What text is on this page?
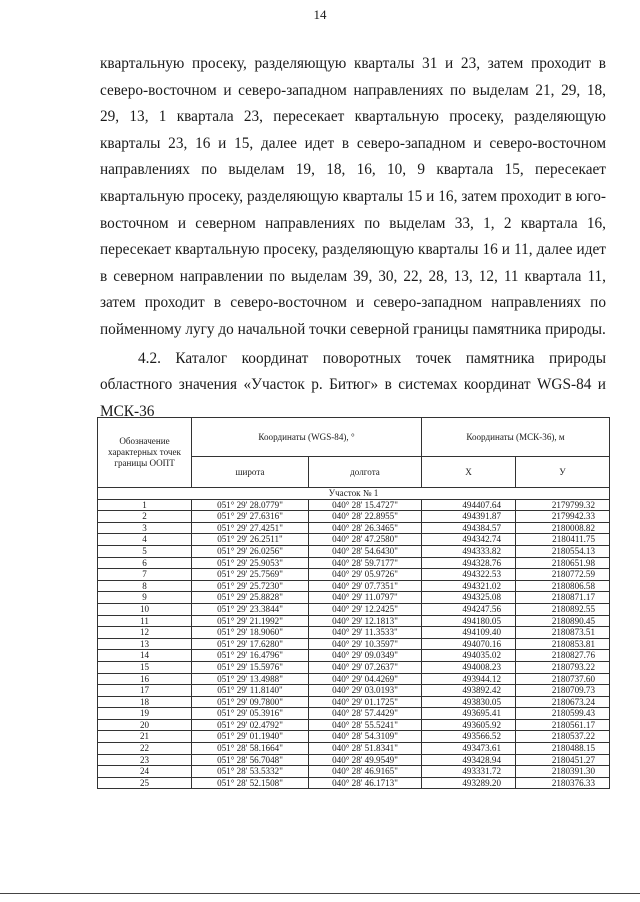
14

квартальную просеку, разделяющую кварталы 31 и 23, затем проходит в северо-восточном и северо-западном направлениях по выделам 21, 29, 18, 29, 13, 1 квартала 23, пересекает квартальную просеку, разделяющую кварталы 23, 16 и 15, далее идет в северо-западном и северо-восточном направлениях по выделам 19, 18, 16, 10, 9 квартала 15, пересекает квартальную просеку, разделяющую кварталы 15 и 16, затем проходит в юго-восточном и северном направлениях по выделам 33, 1, 2 квартала 16, пересекает квартальную просеку, разделяющую кварталы 16 и 11, далее идет в северном направлении по выделам 39, 30, 22, 28, 13, 12, 11 квартала 11, затем проходит в северо-восточном и северо-западном направлениях по пойменному лугу до начальной точки северной границы памятника природы.

4.2. Каталог координат поворотных точек памятника природы областного значения «Участок р. Битюг» в системах координат WGS-84 и МСК-36

Обозначение характерных точек границы ООПТ	Координаты (WGS-84), °		Координаты (МСК-36), м	
	широта	долгота	X	У
Участок № 1				
1	051° 29' 28.0779"	040° 28' 15.4727"	494407.64	2179799.32
2	051° 29' 27.6316"	040° 28' 22.8955"	494391.87	2179942.33
3	051° 29' 27.4251"	040° 28' 26.3465"	494384.57	2180008.82
4	051° 29' 26.2511"	040° 28' 47.2580"	494342.74	2180411.75
5	051° 29' 26.0256"	040° 28' 54.6430"	494333.82	2180554.13
6	051° 29' 25.9053"	040° 28' 59.7177"	494328.76	2180651.98
7	051° 29' 25.7569"	040° 29' 05.9726"	494322.53	2180772.59
8	051° 29' 25.7230"	040° 29' 07.7351"	494321.02	2180806.58
9	051° 29' 25.8828"	040° 29' 11.0797"	494325.08	2180871.17
10	051° 29' 23.3844"	040° 29' 12.2425"	494247.56	2180892.55
11	051° 29' 21.1992"	040° 29' 12.1813"	494180.05	2180890.45
12	051° 29' 18.9060"	040° 29' 11.3533"	494109.40	2180873.51
13	051° 29' 17.6280"	040° 29' 10.3597"	494070.16	2180853.81
14	051° 29' 16.4796"	040° 29' 09.0349"	494035.02	2180827.76
15	051° 29' 15.5976"	040° 29' 07.2637"	494008.23	2180793.22
16	051° 29' 13.4988"	040° 29' 04.4269"	493944.12	2180737.60
17	051° 29' 11.8140"	040° 29' 03.0193"	493892.42	2180709.73
18	051° 29' 09.7800"	040° 29' 01.1725"	493830.05	2180673.24
19	051° 29' 05.3916"	040° 28' 57.4429"	493695.41	2180599.43
20	051° 29' 02.4792"	040° 28' 55.5241"	493605.92	2180561.17
21	051° 29' 01.1940"	040° 28' 54.3109"	493566.52	2180537.22
22	051° 28' 58.1664"	040° 28' 51.8341"	493473.61	2180488.15
23	051° 28' 56.7048"	040° 28' 49.9549"	493428.94	2180451.27
24	051° 28' 53.5332"	040° 28' 46.9165"	493331.72	2180391.30
25	051° 28' 52.1508"	040° 28' 46.1713"	493289.20	2180376.33
